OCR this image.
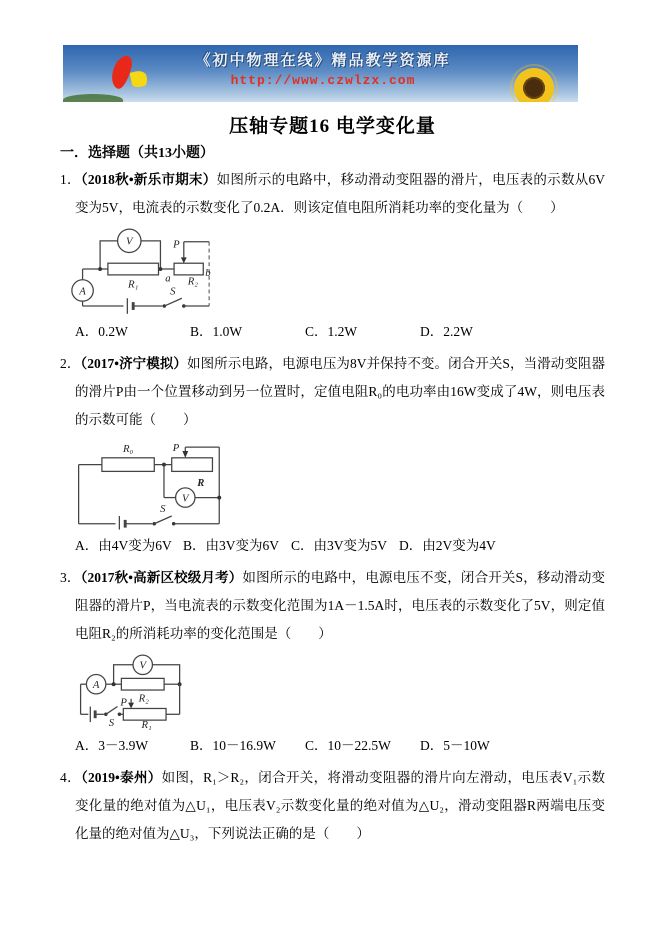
《初中物理在线》精品教学资源库
http://www.czwlzx.com
压轴专题16 电学变化量
一．选择题（共13小题）

1．（2018秋•新乐市期末）如图所示的电路中，移动滑动变阻器的滑片，电压表的示数从6V变为5V，电流表的示数变化了0.2A．则该定值电阻所消耗功率的变化量为（　　）

V
R₁ a	b
R₂
P
A	S
A．0.2W	B．1.0W	C．1.2W	D．2.2W

2．（2017•济宁模拟）如图所示电路，电源电压为8V并保持不变。闭合开关S，当滑动变阻器的滑片P由一个位置移动到另一位置时，定值电阻R₀的电功率由16W变成了4W，则电压表的示数可能（　　）

R₀	P
R
V
S
A．由4V变为6V B．由3V变为6V C．由3V变为5V D．由2V变为4V

3．（2017秋•高新区校级月考）如图所示的电路中，电源电压不变，闭合开关S，移动滑动变阻器的滑片P，当电流表的示数变化范围为1A－1.5A时，电压表的示数变化了5V，则定值电阻R₂的所消耗功率的变化范围是（　　）

V
A
R₂
S
P
R₁
A．3－3.9W	B．10－16.9W	C．10－22.5W	D．5－10W

4．（2019•泰州）如图，R₁＞R₂，闭合开关，将滑动变阻器的滑片向左滑动，电压表V₁示数变化量的绝对值为△U₁，电压表V₂示数变化量的绝对值为△U₂，滑动变阻器R两端电压变化量的绝对值为△U₃，下列说法正确的是（　　）
